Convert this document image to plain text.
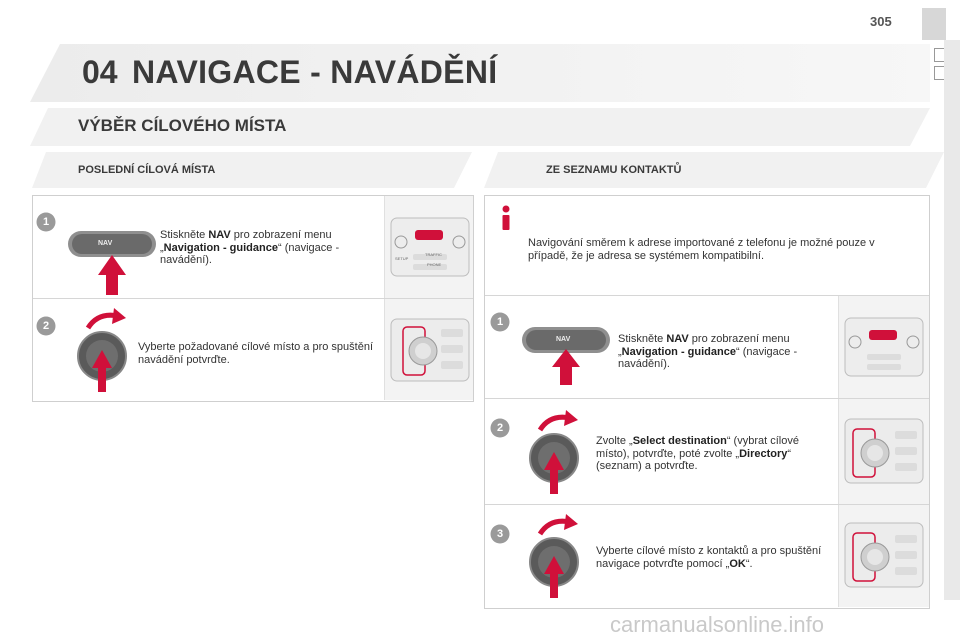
305
04 NAVIGACE - NAVÁDĚNÍ
VÝBĚR CÍLOVÉHO MÍSTA
POSLEDNÍ CÍLOVÁ MÍSTA	ZE SEZNAMU KONTAKTŮ
TRAFFIC
PHONE
SETUP
1
NAV
Stiskněte NAV pro zobrazení menu „Navigation - guidance“ (navigace - navádění).
2
Vyberte požadované cílové místo a pro spuštění navádění potvrďte.
Navigování směrem k adrese importované z telefonu je možné pouze v případě, že je adresa se systémem kompatibilní.
1
NAV	Stiskněte NAV pro zobrazení menu „Navigation - guidance“ (navigace - navádění).
2
Zvolte „Select destination“ (vybrat cílové místo), potvrďte, poté zvolte „Directory“ (seznam) a potvrďte.
3
Vyberte cílové místo z kontaktů a pro spuštění navigace potvrďte pomocí „OK“.
carmanualsonline.info
